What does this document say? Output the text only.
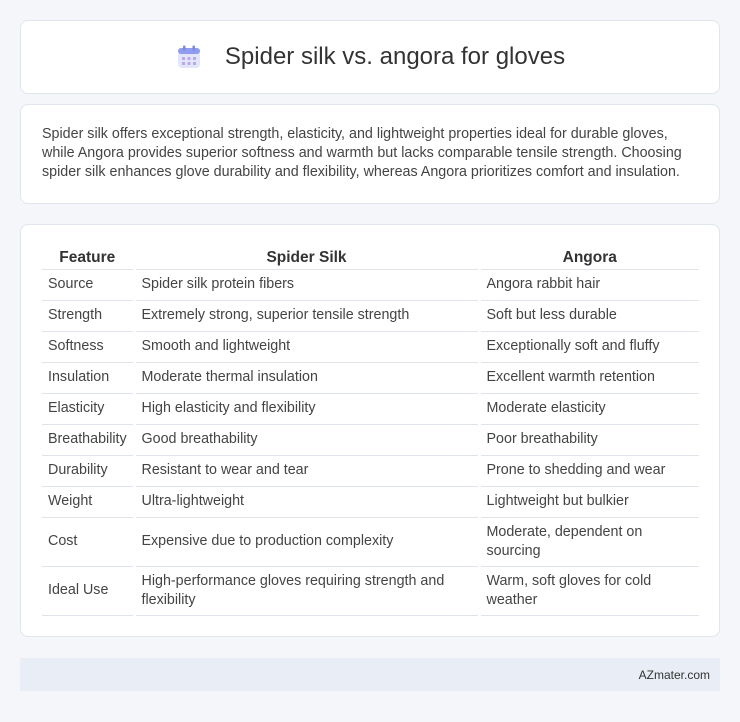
Spider silk vs. angora for gloves

Spider silk offers exceptional strength, elasticity, and lightweight properties ideal for durable gloves, while Angora provides superior softness and warmth but lacks comparable tensile strength. Choosing spider silk enhances glove durability and flexibility, whereas Angora prioritizes comfort and insulation.

Feature	Spider Silk	Angora
Source	Spider silk protein fibers	Angora rabbit hair
Strength	Extremely strong, superior tensile strength	Soft but less durable
Softness	Smooth and lightweight	Exceptionally soft and fluffy
Insulation	Moderate thermal insulation	Excellent warmth retention
Elasticity	High elasticity and flexibility	Moderate elasticity
Breathability	Good breathability	Poor breathability
Durability	Resistant to wear and tear	Prone to shedding and wear
Weight	Ultra-lightweight	Lightweight but bulkier
Cost	Expensive due to production complexity	Moderate, dependent on sourcing
Ideal Use	High-performance gloves requiring strength and flexibility	Warm, soft gloves for cold weather
AZmater.com
